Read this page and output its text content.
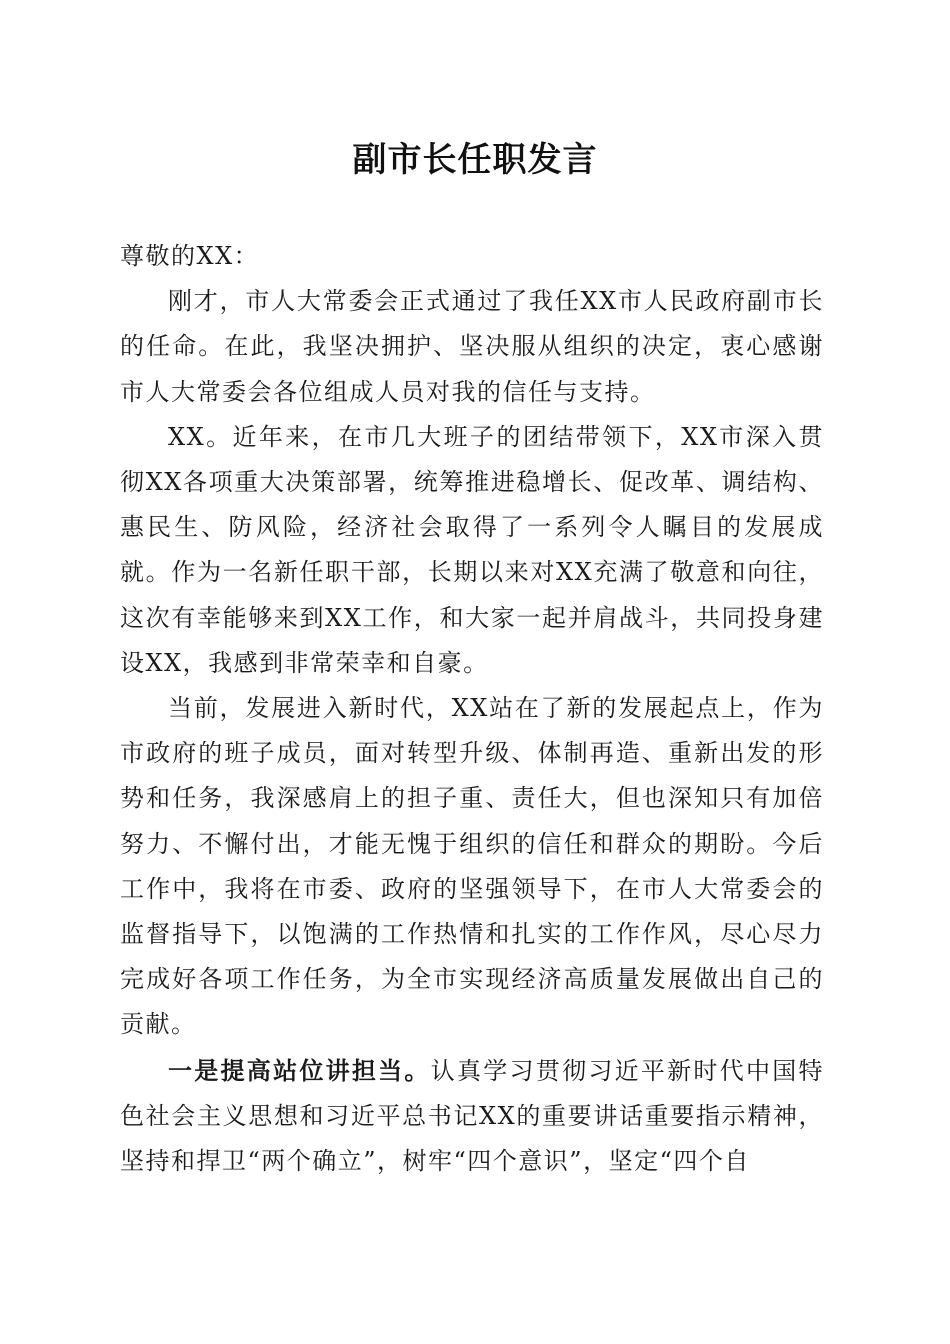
副市长任职发言

尊敬的XX：

刚才，市人大常委会正式通过了我任XX市人民政府副市长的任命。在此，我坚决拥护、坚决服从组织的决定，衷心感谢市人大常委会各位组成人员对我的信任与支持。

XX。近年来，在市几大班子的团结带领下，XX市深入贯彻XX各项重大决策部署，统筹推进稳增长、促改革、调结构、惠民生、防风险，经济社会取得了一系列令人瞩目的发展成就。作为一名新任职干部，长期以来对XX充满了敬意和向往，这次有幸能够来到XX工作，和大家一起并肩战斗，共同投身建设XX，我感到非常荣幸和自豪。

当前，发展进入新时代，XX站在了新的发展起点上，作为市政府的班子成员，面对转型升级、体制再造、重新出发的形势和任务，我深感肩上的担子重、责任大，但也深知只有加倍努力、不懈付出，才能无愧于组织的信任和群众的期盼。今后工作中，我将在市委、政府的坚强领导下，在市人大常委会的监督指导下，以饱满的工作热情和扎实的工作作风，尽心尽力完成好各项工作任务，为全市实现经济高质量发展做出自己的贡献。

一是提高站位讲担当。认真学习贯彻习近平新时代中国特色社会主义思想和习近平总书记XX的重要讲话重要指示精神，坚持和捍卫“两个确立”，树牢“四个意识”，坚定“四个自
